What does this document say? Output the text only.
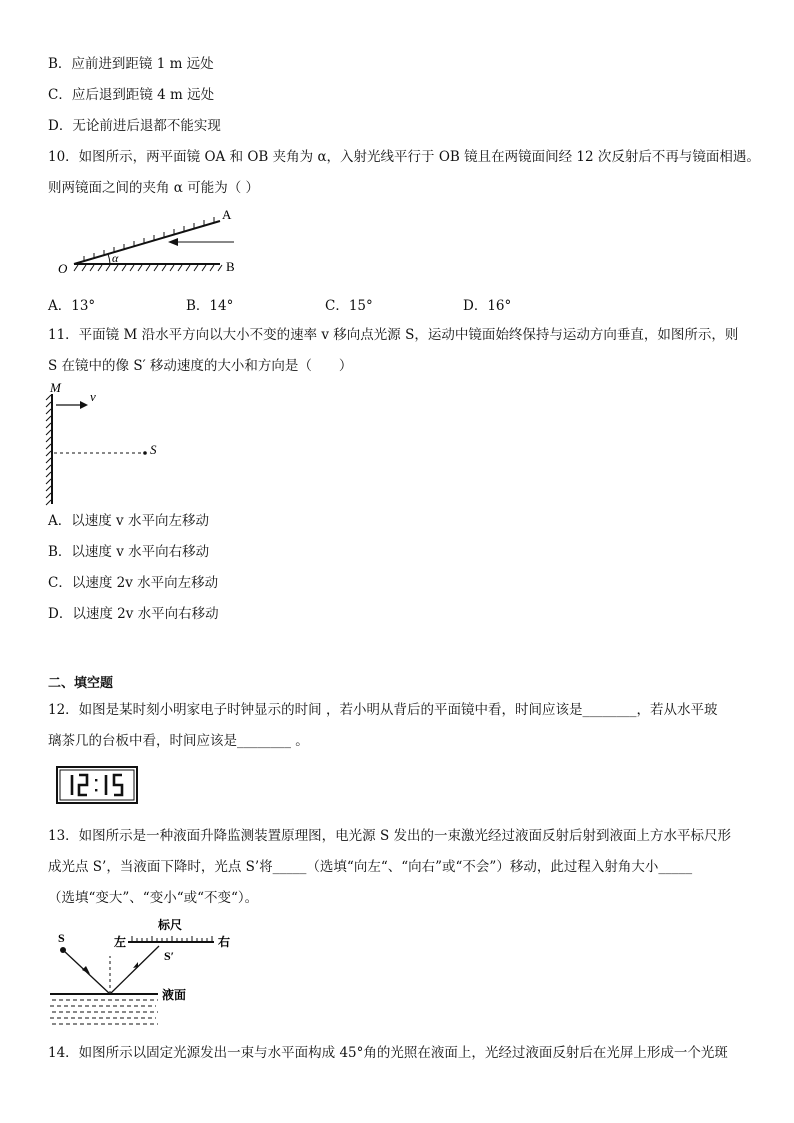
B．应前进到距镜 1 m 远处
C．应后退到距镜 4 m 远处
D．无论前进后退都不能实现
10．如图所示，两平面镜 OA 和 OB 夹角为 α，入射光线平行于 OB 镜且在两镜面间经 12 次反射后不再与镜面相遇。
则两镜面之间的夹角 α 可能为（ ）
A
B
O
α
A．13°	B．14°	C．15°	D．16°
11．平面镜 M 沿水平方向以大小不变的速率 v 移向点光源 S，运动中镜面始终保持与运动方向垂直，如图所示，则
S 在镜中的像 S′ 移动速度的大小和方向是（　　）
M
v
S
A．以速度 v 水平向左移动
B．以速度 v 水平向右移动
C．以速度 2v 水平向左移动
D．以速度 2v 水平向右移动
二、填空题
12．如图是某时刻小明家电子时钟显示的时间 ，若小明从背后的平面镜中看，时间应该是________，若从水平玻
璃茶几的台板中看，时间应该是________ 。
13．如图所示是一种液面升降监测装置原理图，电光源 S 发出的一束激光经过液面反射后射到液面上方水平标尺形
成光点 S’，当液面下降时，光点 S’将_____（选填“向左“、“向右”或“不会”）移动，此过程入射角大小_____
（选填“变大”、“变小“或“不变“）。
S
标尺
左	右
S′
液面
14．如图所示以固定光源发出一束与水平面构成 45°角的光照在液面上，光经过液面反射后在光屏上形成一个光斑
